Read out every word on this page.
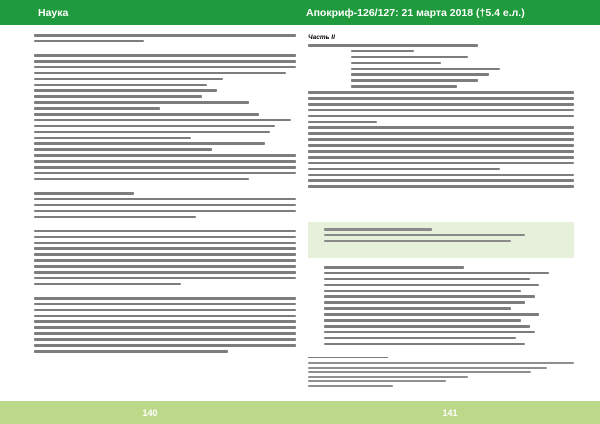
Наука	Апокриф-126/127: 21 марта 2018 (†5.4 е.л.)
Часть II
140	141
